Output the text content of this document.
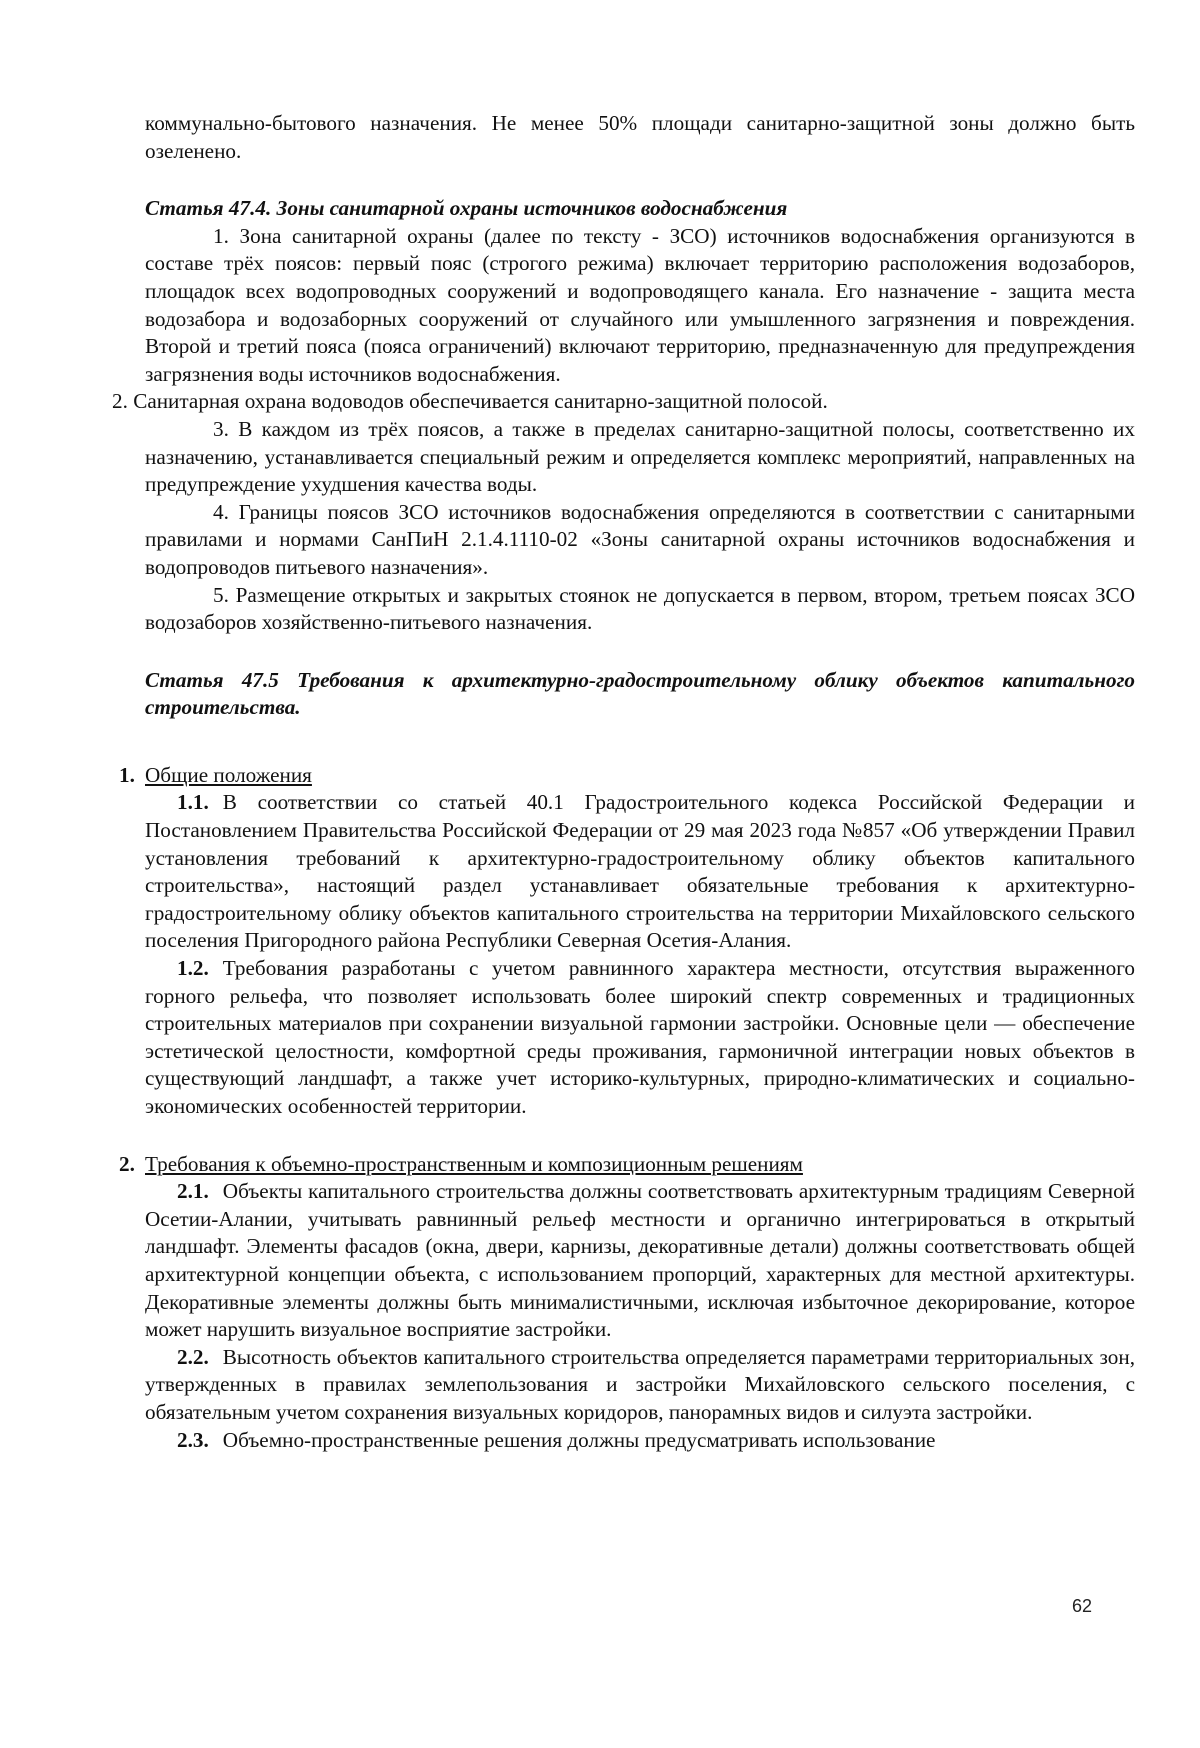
коммунально-бытового назначения. Не менее 50% площади санитарно-защитной зоны должно быть озеленено.

Статья 47.4. Зоны санитарной охраны источников водоснабжения

1. Зона санитарной охраны (далее по тексту - ЗСО) источников водоснабжения организуются в составе трёх поясов: первый пояс (строгого режима) включает территорию расположения водозаборов, площадок всех водопроводных сооружений и водопроводящего канала. Его назначение - защита места водозабора и водозаборных сооружений от случайного или умышленного загрязнения и повреждения. Второй и третий пояса (пояса ограничений) включают территорию, предназначенную для предупреждения загрязнения воды источников водоснабжения.

2. Санитарная охрана водоводов обеспечивается санитарно-защитной полосой.

3. В каждом из трёх поясов, а также в пределах санитарно-защитной полосы, соответственно их назначению, устанавливается специальный режим и определяется комплекс мероприятий, направленных на предупреждение ухудшения качества воды.

4. Границы поясов ЗСО источников водоснабжения определяются в соответствии с санитарными правилами и нормами СанПиН 2.1.4.1110-02 «Зоны санитарной охраны источников водоснабжения и водопроводов питьевого назначения».

5. Размещение открытых и закрытых стоянок не допускается в первом, втором, третьем поясах ЗСО водозаборов хозяйственно-питьевого назначения.

Статья 47.5 Требования к архитектурно-градостроительному облику объектов капитального строительства.

1. Общие положения

1.1. В соответствии со статьей 40.1 Градостроительного кодекса Российской Федерации и Постановлением Правительства Российской Федерации от 29 мая 2023 года №857 «Об утверждении Правил установления требований к архитектурно-градостроительному облику объектов капитального строительства», настоящий раздел устанавливает обязательные требования к архитектурно-градостроительному облику объектов капитального строительства на территории Михайловского сельского поселения Пригородного района Республики Северная Осетия-Алания.

1.2. Требования разработаны с учетом равнинного характера местности, отсутствия выраженного горного рельефа, что позволяет использовать более широкий спектр современных и традиционных строительных материалов при сохранении визуальной гармонии застройки. Основные цели — обеспечение эстетической целостности, комфортной среды проживания, гармоничной интеграции новых объектов в существующий ландшафт, а также учет историко-культурных, природно-климатических и социально-экономических особенностей территории.

2. Требования к объемно-пространственным и композиционным решениям

2.1. Объекты капитального строительства должны соответствовать архитектурным традициям Северной Осетии-Алании, учитывать равнинный рельеф местности и органично интегрироваться в открытый ландшафт. Элементы фасадов (окна, двери, карнизы, декоративные детали) должны соответствовать общей архитектурной концепции объекта, с использованием пропорций, характерных для местной архитектуры. Декоративные элементы должны быть минималистичными, исключая избыточное декорирование, которое может нарушить визуальное восприятие застройки.

2.2. Высотность объектов капитального строительства определяется параметрами территориальных зон, утвержденных в правилах землепользования и застройки Михайловского сельского поселения, с обязательным учетом сохранения визуальных коридоров, панорамных видов и силуэта застройки.

2.3. Объемно-пространственные решения должны предусматривать использование

62
